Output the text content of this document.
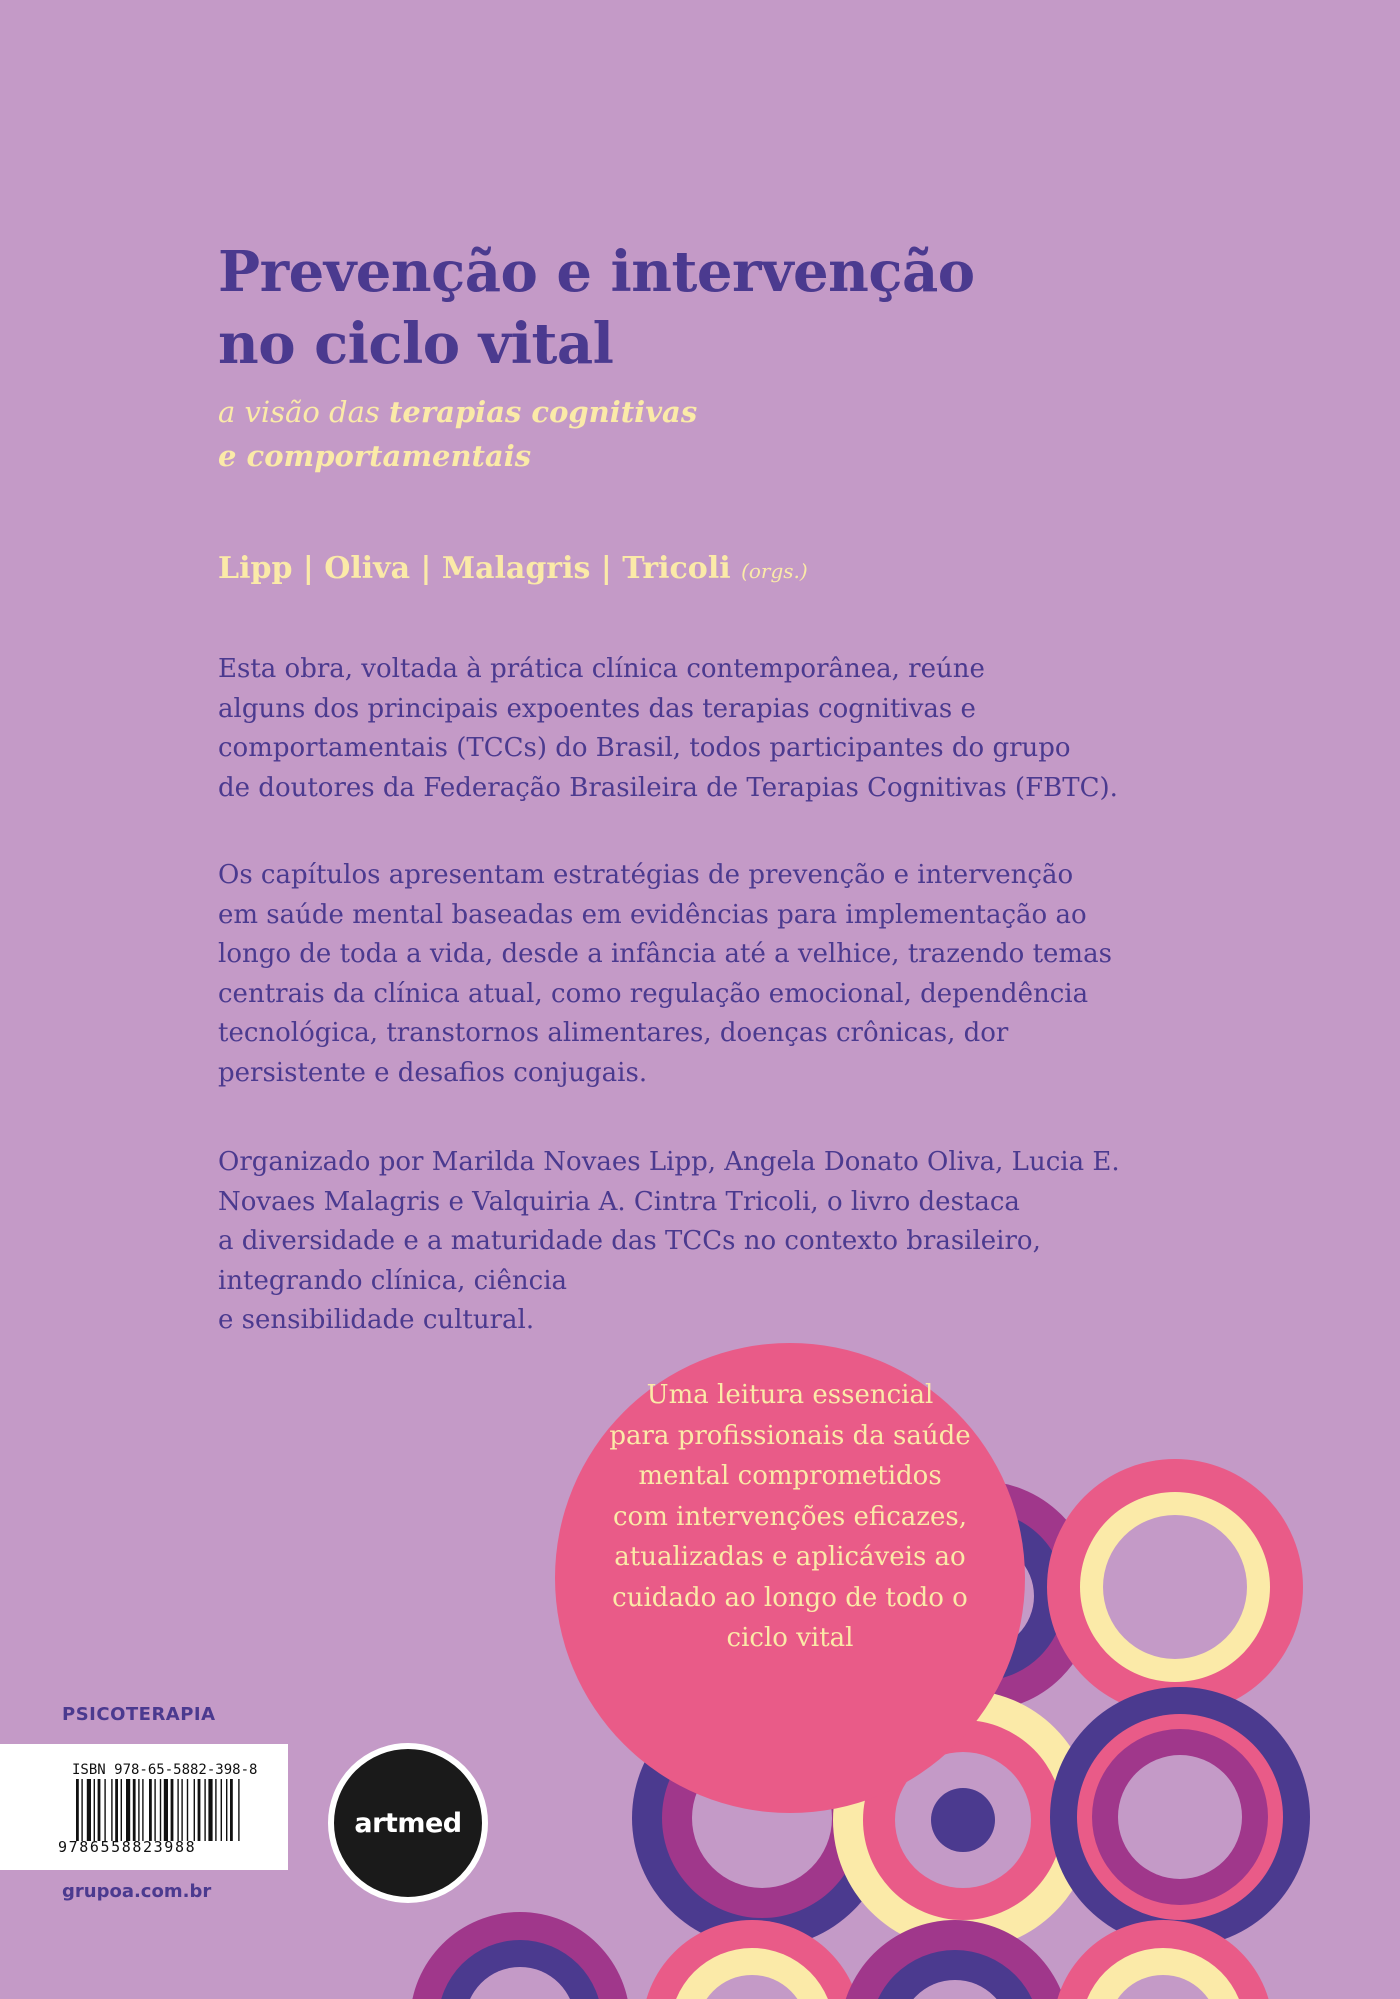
Prevenção e intervenção
no ciclo vital

a visão das terapias cognitivas
e comportamentais

Lipp | Oliva | Malagris | Tricoli (orgs.)

Esta obra, voltada à prática clínica contemporânea, reúne
alguns dos principais expoentes das terapias cognitivas e
comportamentais (TCCs) do Brasil, todos participantes do grupo
de doutores da Federação Brasileira de Terapias Cognitivas (FBTC).

Os capítulos apresentam estratégias de prevenção e intervenção
em saúde mental baseadas em evidências para implementação ao
longo de toda a vida, desde a infância até a velhice, trazendo temas
centrais da clínica atual, como regulação emocional, dependência
tecnológica, transtornos alimentares, doenças crônicas, dor
persistente e desafios conjugais.

Organizado por Marilda Novaes Lipp, Angela Donato Oliva, Lucia E.
Novaes Malagris e Valquiria A. Cintra Tricoli, o livro destaca
a diversidade e a maturidade das TCCs no contexto brasileiro,
integrando clínica, ciência
e sensibilidade cultural.

Uma leitura essencial
para profissionais da saúde
mental comprometidos
com intervenções eficazes,
atualizadas e aplicáveis ao
cuidado ao longo de todo o
ciclo vital

PSICOTERAPIA

ISBN 978-65-5882-398-8

9786558823988

artmed

grupoa.com.br
